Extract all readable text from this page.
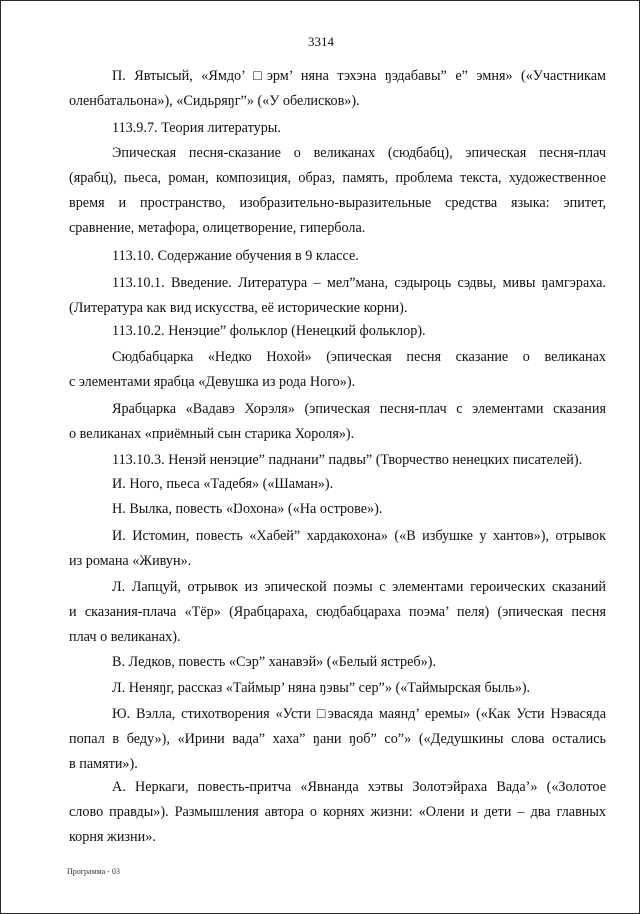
3314
П. Явтысый, «Ямдо’ □эрм’ няна тэхэна ŋэдабавы” е” эмня» («Участникам
оленбатальона»), «Сидьряŋг”» («У обелисков»).
113.9.7. Теория литературы.
Эпическая песня-сказание о великанах (сюдбабц), эпическая песня-плач
(ярабц), пьеса, роман, композиция, образ, память, проблема текста, художественное
время и пространство, изобразительно-выразительные средства языка: эпитет,
сравнение, метафора, олицетворение, гипербола.
113.10. Содержание обучения в 9 классе.
113.10.1. Введение. Литература – мел”мана, сэдыроць сэдвы, мивы ŋамгэраха.
(Литература как вид искусства, её исторические корни).
113.10.2. Ненэцие” фольклор (Ненецкий фольклор).
Сюдбабцарка «Недко Нохой» (эпическая песня сказание о великанах
с элементами ярабца «Девушка из рода Ного»).
Ярабцарка «Вадавэ Хорэля» (эпическая песня-плач с элементами сказания
о великанах «приёмный сын старика Хороля»).
113.10.3. Ненэй ненэцие” паднани” падвы” (Творчество ненецких писателей).
И. Ного, пьеса «Тадебя» («Шаман»).
Н. Вылка, повесть «Ŋохона» («На острове»).
И. Истомин, повесть «Хабей” хардакохона» («В избушке у хантов»), отрывок
из романа «Живун».
Л. Лапцуй, отрывок из эпической поэмы с элементами героических сказаний
и сказания-плача «Тёр» (Ярабцараха, сюдбабцараха поэма’ пеля) (эпическая песня
плач о великанах).
В. Ледков, повесть «Сэр” ханавэй» («Белый ястреб»).
Л. Неняŋг, рассказ «Таймыр’ няна ŋэвы” сер”» («Таймырская быль»).
Ю. Вэлла, стихотворения «Усти □эвасяда маянд’ еремы» («Как Усти Нэвасяда
попал в беду»), «Ирини вада” хаха” ŋани ŋоб” со”» («Дедушкины слова остались
в памяти»).
А. Неркаги, повесть-притча «Явнанда хэтвы Золотэйраха Вада’» («Золотое
слово правды»). Размышления автора о корнях жизни: «Олени и дети – два главных
корня жизни».
Программа - 03
